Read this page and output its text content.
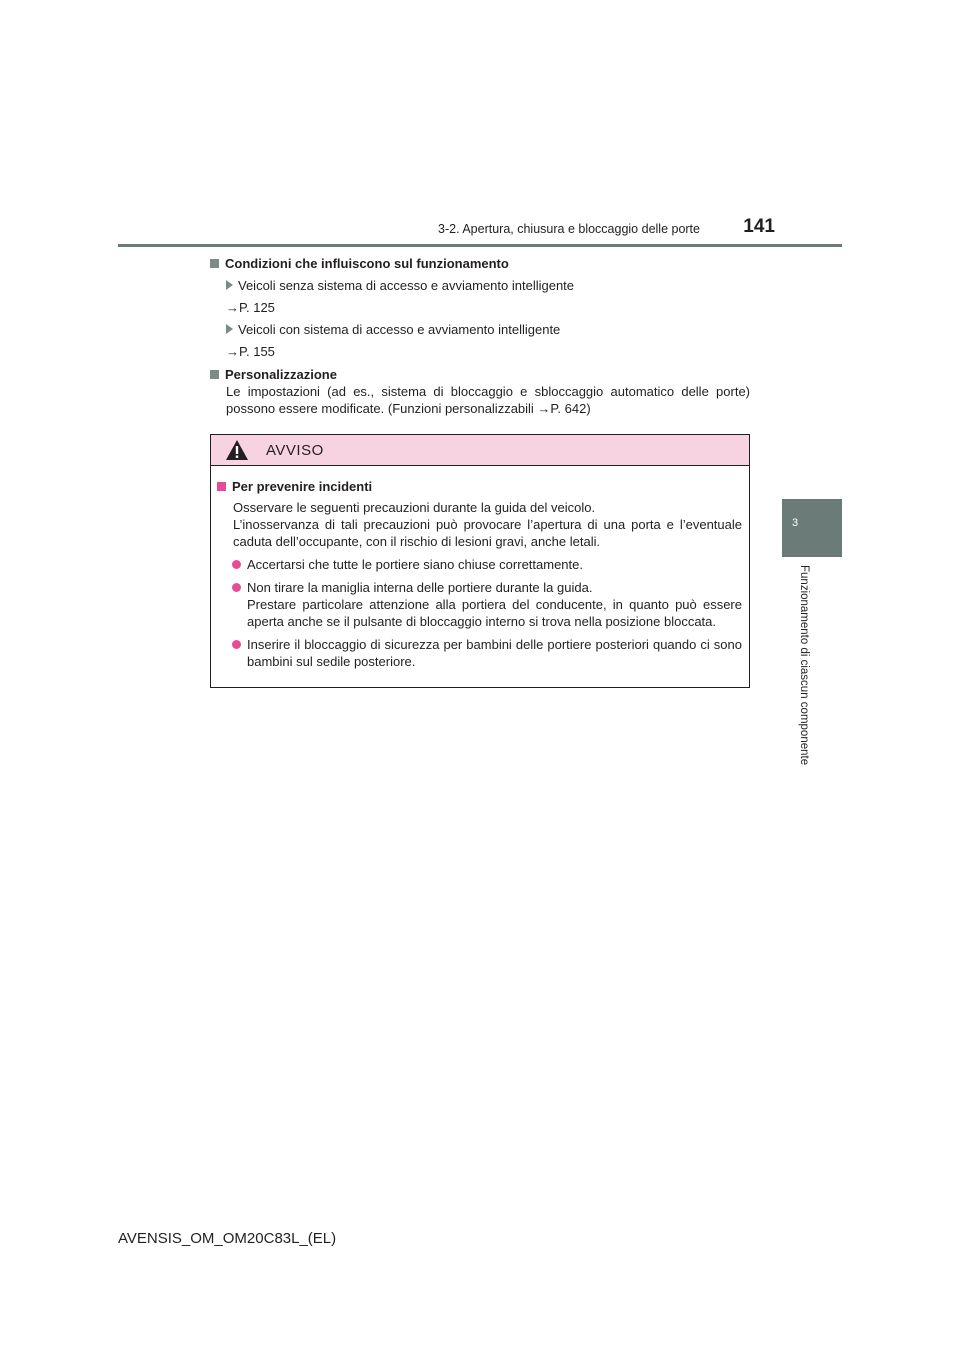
3-2. Apertura, chiusura e bloccaggio delle porte	141
3
Funzionamento di ciascun componente
Condizioni che influiscono sul funzionamento
Veicoli senza sistema di accesso e avviamento intelligente
→P. 125
Veicoli con sistema di accesso e avviamento intelligente
→P. 155
Personalizzazione
Le impostazioni (ad es., sistema di bloccaggio e sbloccaggio automatico delle porte) possono essere modificate. (Funzioni personalizzabili →P. 642)
AVVISO
Per prevenire incidenti
Osservare le seguenti precauzioni durante la guida del veicolo.
L’inosservanza di tali precauzioni può provocare l’apertura di una porta e l’eventuale caduta dell’occupante, con il rischio di lesioni gravi, anche letali.
Accertarsi che tutte le portiere siano chiuse correttamente.
Non tirare la maniglia interna delle portiere durante la guida.
Prestare particolare attenzione alla portiera del conducente, in quanto può essere aperta anche se il pulsante di bloccaggio interno si trova nella posizione bloccata.
Inserire il bloccaggio di sicurezza per bambini delle portiere posteriori quando ci sono bambini sul sedile posteriore.
AVENSIS_OM_OM20C83L_(EL)
